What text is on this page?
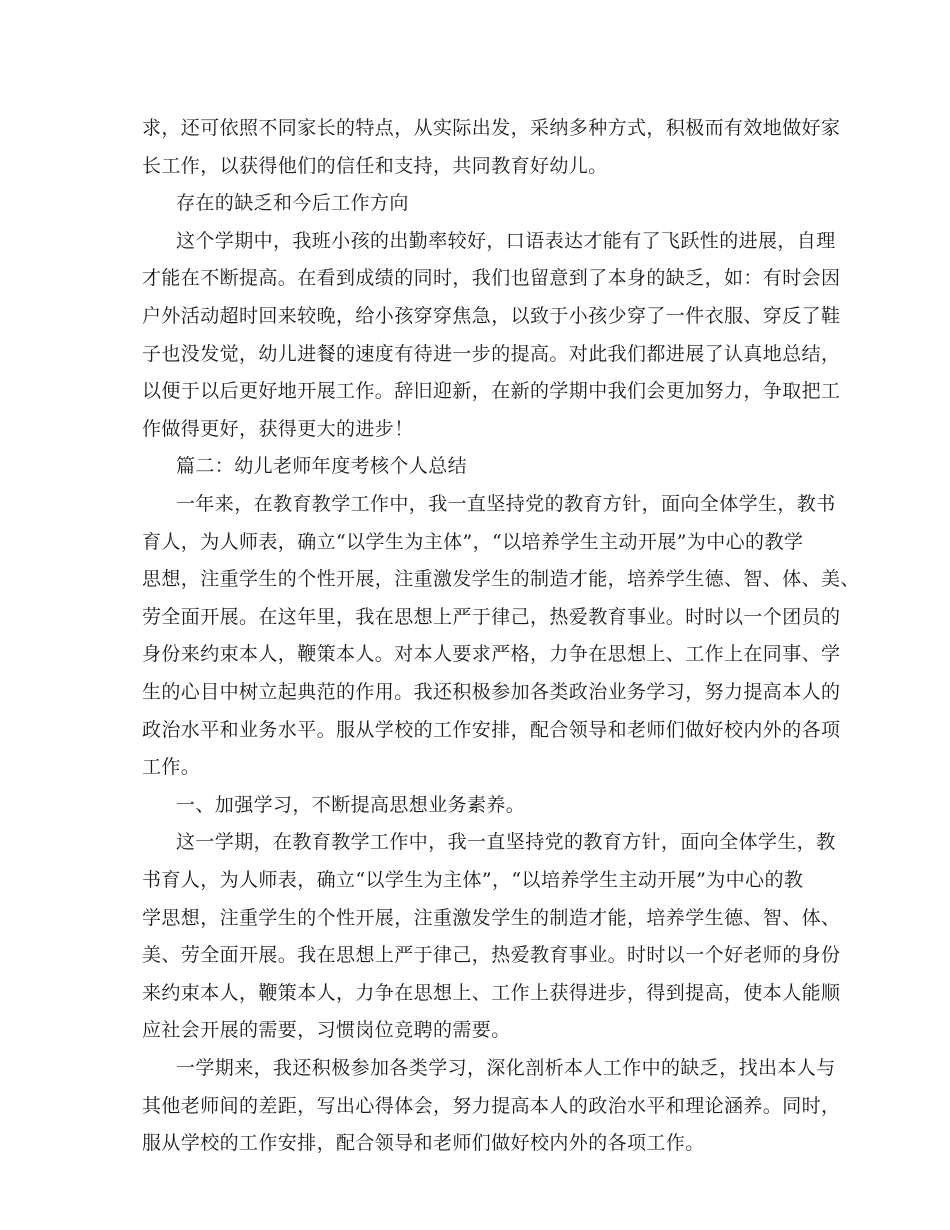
求，还可依照不同家长的特点，从实际出发，采纳多种方式，积极而有效地做好家
长工作，以获得他们的信任和支持，共同教育好幼儿。
存在的缺乏和今后工作方向
这个学期中，我班小孩的出勤率较好，口语表达才能有了飞跃性的进展，自理
才能在不断提高。在看到成绩的同时，我们也留意到了本身的缺乏，如：有时会因
户外活动超时回来较晚，给小孩穿穿焦急，以致于小孩少穿了一件衣服、穿反了鞋
子也没发觉，幼儿进餐的速度有待进一步的提高。对此我们都进展了认真地总结，
以便于以后更好地开展工作。辞旧迎新，在新的学期中我们会更加努力，争取把工
作做得更好，获得更大的进步！
篇二：幼儿老师年度考核个人总结
一年来，在教育教学工作中，我一直坚持党的教育方针，面向全体学生，教书
育人，为人师表，确立“以学生为主体”，“以培养学生主动开展”为中心的教学
思想，注重学生的个性开展，注重激发学生的制造才能，培养学生德、智、体、美、
劳全面开展。在这年里，我在思想上严于律己，热爱教育事业。时时以一个团员的
身份来约束本人，鞭策本人。对本人要求严格，力争在思想上、工作上在同事、学
生的心目中树立起典范的作用。我还积极参加各类政治业务学习，努力提高本人的
政治水平和业务水平。服从学校的工作安排，配合领导和老师们做好校内外的各项
工作。
一、加强学习，不断提高思想业务素养。
这一学期，在教育教学工作中，我一直坚持党的教育方针，面向全体学生，教
书育人，为人师表，确立“以学生为主体”，“以培养学生主动开展”为中心的教
学思想，注重学生的个性开展，注重激发学生的制造才能，培养学生德、智、体、
美、劳全面开展。我在思想上严于律己，热爱教育事业。时时以一个好老师的身份
来约束本人，鞭策本人，力争在思想上、工作上获得进步，得到提高，使本人能顺
应社会开展的需要，习惯岗位竞聘的需要。
一学期来，我还积极参加各类学习，深化剖析本人工作中的缺乏，找出本人与
其他老师间的差距，写出心得体会，努力提高本人的政治水平和理论涵养。同时，
服从学校的工作安排，配合领导和老师们做好校内外的各项工作。
